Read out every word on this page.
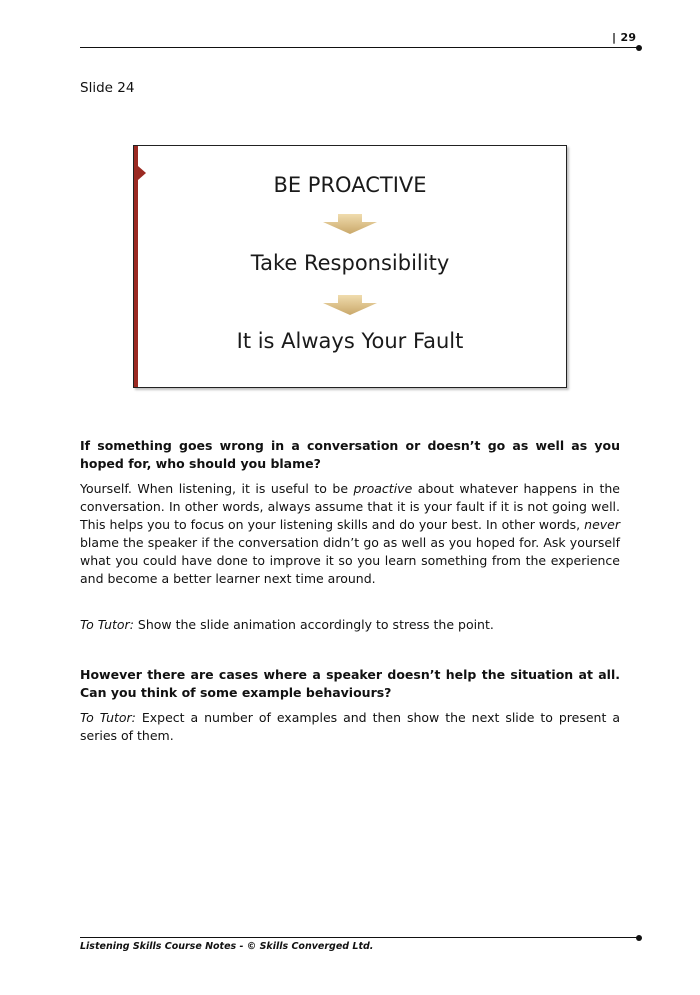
| 29
Slide 24
BE PROACTIVE
Take Responsibility
It is Always Your Fault

If something goes wrong in a conversation or doesn’t go as well as you hoped for, who should you blame?

Yourself. When listening, it is useful to be proactive about whatever happens in the conversation. In other words, always assume that it is your fault if it is not going well. This helps you to focus on your listening skills and do your best. In other words, never blame the speaker if the conversation didn’t go as well as you hoped for. Ask yourself what you could have done to improve it so you learn something from the experience and become a better learner next time around.

To Tutor: Show the slide animation accordingly to stress the point.

However there are cases where a speaker doesn’t help the situation at all. Can you think of some example behaviours?

To Tutor: Expect a number of examples and then show the next slide to present a series of them.

Listening Skills Course Notes - © Skills Converged Ltd.
